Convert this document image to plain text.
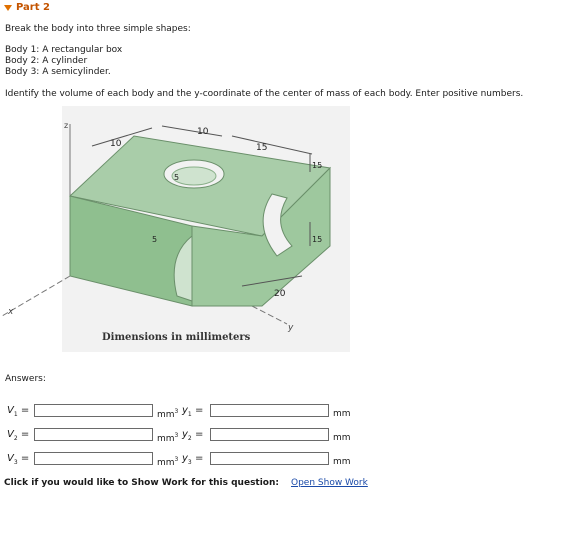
Part 2
Break the body into three simple shapes:
Body 1: A rectangular box
Body 2: A cylinder
Body 3: A semicylinder.
Identify the volume of each body and the y-coordinate of the center of mass of each body. Enter positive numbers.
z
x
y
10
10
15
15
15
5
5
20
Dimensions in millimeters
Answers:
$V_1$ =	$mm^3$ $y_1$ =	mm
$V_2$ =	$mm^3$ $y_2$ =	mm
$V_3$ =	$mm^3$ $y_3$ =	mm
Click if you would like to Show Work for this question: Open Show Work
